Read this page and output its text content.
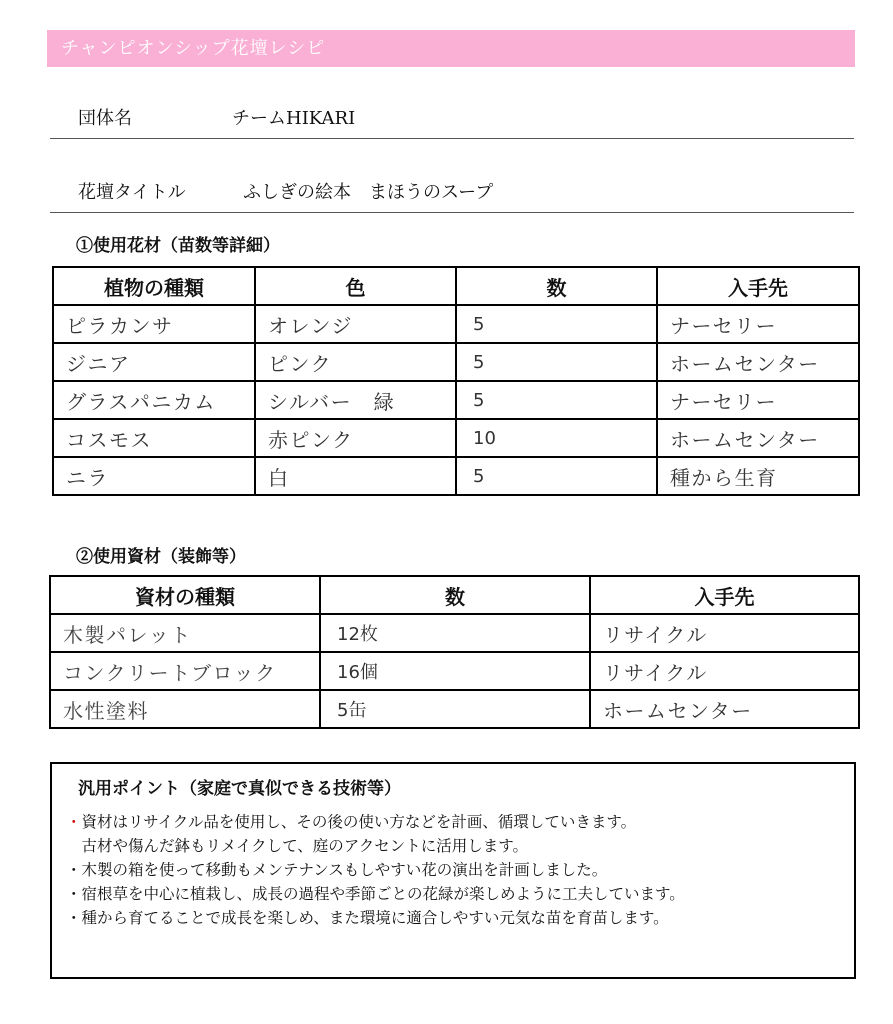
チャンピオンシップ花壇レシピ
団体名	チームHIKARI
花壇タイトル	ふしぎの絵本　まほうのスープ
①使用花材（苗数等詳細）
植物の種類	色	数	入手先
ピラカンサ	オレンジ	5	ナーセリー
ジニア	ピンク	5	ホームセンター
グラスパニカム	シルバー　緑	5	ナーセリー
コスモス	赤ピンク	10	ホームセンター
ニラ	白	5	種から生育
②使用資材（装飾等）
資材の種類	数	入手先
木製パレット	12枚	リサイクル
コンクリートブロック	16個	リサイクル
水性塗料	5缶	ホームセンター
汎用ポイント（家庭で真似できる技術等）
・資材はリサイクル品を使用し、その後の使い方などを計画、循環していきます。
　古材や傷んだ鉢もリメイクして、庭のアクセントに活用します。
・木製の箱を使って移動もメンテナンスもしやすい花の演出を計画しました。
・宿根草を中心に植栽し、成長の過程や季節ごとの花緑が楽しめように工夫しています。
・種から育てることで成長を楽しめ、また環境に適合しやすい元気な苗を育苗します。
